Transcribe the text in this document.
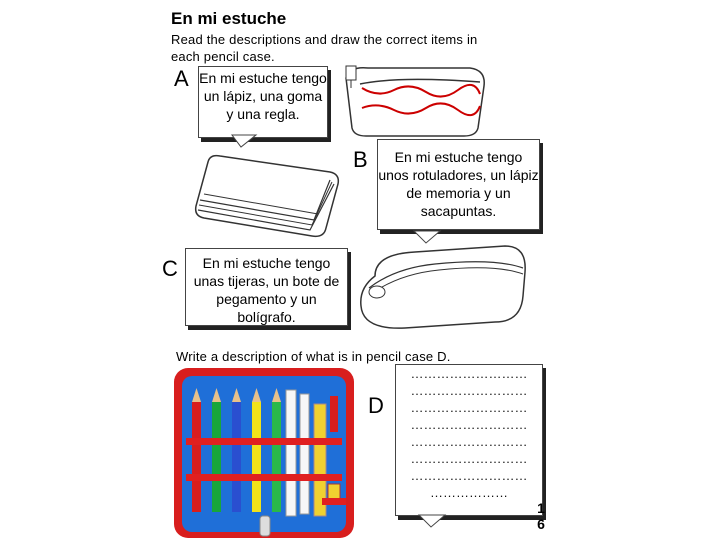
En mi estuche
Read the descriptions and draw the correct items in each pencil case.
A En mi estuche tengo un lápiz, una goma y una regla.
B	En mi estuche tengo unos rotuladores, un lápiz de memoria y un sacapuntas.
C	En mi estuche tengo unas tijeras, un bote de pegamento y un bolígrafo.
Write a description of what is in pencil case D.
D
………………………
………………………
………………………
………………………
………………………
………………………
………………………
………………
1
6
